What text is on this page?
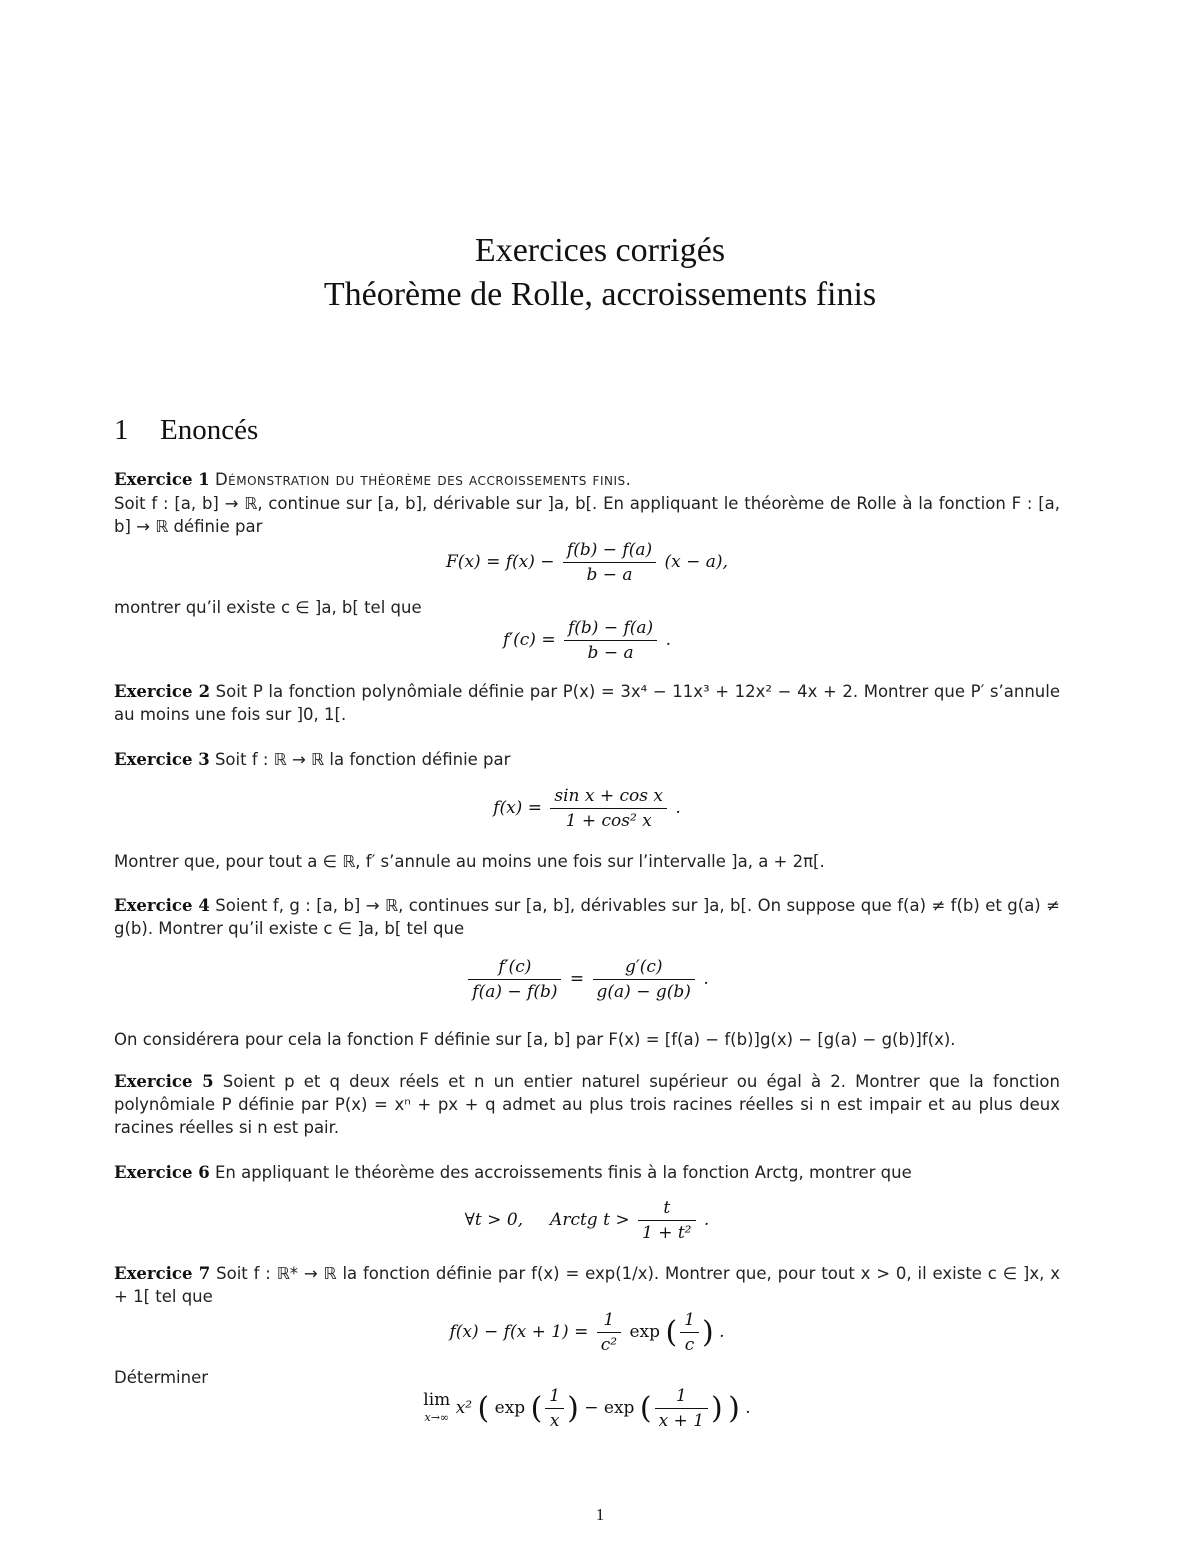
Exercices corrigés
Théorème de Rolle, accroissements finis
1 Enoncés
Exercice 1 Démonstration du théorème des accroissements finis.
Soit f : [a, b] → ℝ, continue sur [a, b], dérivable sur ]a, b[. En appliquant le théorème de Rolle à la fonction F : [a, b] → ℝ définie par
$F(x) = f(x) - \frac{f(b) - f(a)}{b - a} (x - a)$,
montrer qu’il existe c ∈ ]a, b[ tel que
$f'(c) = \frac{f(b) - f(a)}{b - a}$ .
Exercice 2 Soit P la fonction polynômiale définie par P(x) = 3x⁴ − 11x³ + 12x² − 4x + 2. Montrer que P′ s’annule au moins une fois sur ]0, 1[.
Exercice 3 Soit f : ℝ → ℝ la fonction définie par
$f(x) = \frac{\text{sin x + cos x}}{\text{1 + cos² x}}$ .
Montrer que, pour tout a ∈ ℝ, f′ s’annule au moins une fois sur l’intervalle ]a, a + 2π[.
Exercice 4 Soient f, g : [a, b] → ℝ, continues sur [a, b], dérivables sur ]a, b[. On suppose que f(a) ≠ f(b) et g(a) ≠ g(b). Montrer qu’il existe c ∈ ]a, b[ tel que
$\frac{f'(c)}{f(a) - f(b)} = \frac{g'(c)}{g(a) - g(b)}$ .
On considérera pour cela la fonction F définie sur [a, b] par F(x) = [f(a) − f(b)]g(x) − [g(a) − g(b)]f(x).
Exercice 5 Soient p et q deux réels et n un entier naturel supérieur ou égal à 2. Montrer que la fonction polynômiale P définie par P(x) = xⁿ + px + q admet au plus trois racines réelles si n est impair et au plus deux racines réelles si n est pair.
Exercice 6 En appliquant le théorème des accroissements finis à la fonction Arctg, montrer que
∀t > 0,     Arctg $t > \frac{t}{\text{1 + t²}}$ .
Exercice 7 Soit f : ℝ* → ℝ la fonction définie par f(x) = exp(1/x). Montrer que, pour tout x > 0, il existe c ∈ ]x, x + 1[ tel que
$f(x) - f(x + 1) = \frac{1}{\text{c²}}$ exp ( $\frac{1}{c}$ ) .
Déterminer
lim
x→∞ x² ( exp ( $\frac{1}{x}$ ) − exp ( $\frac{1}{x + 1}$ ) ) .
1
